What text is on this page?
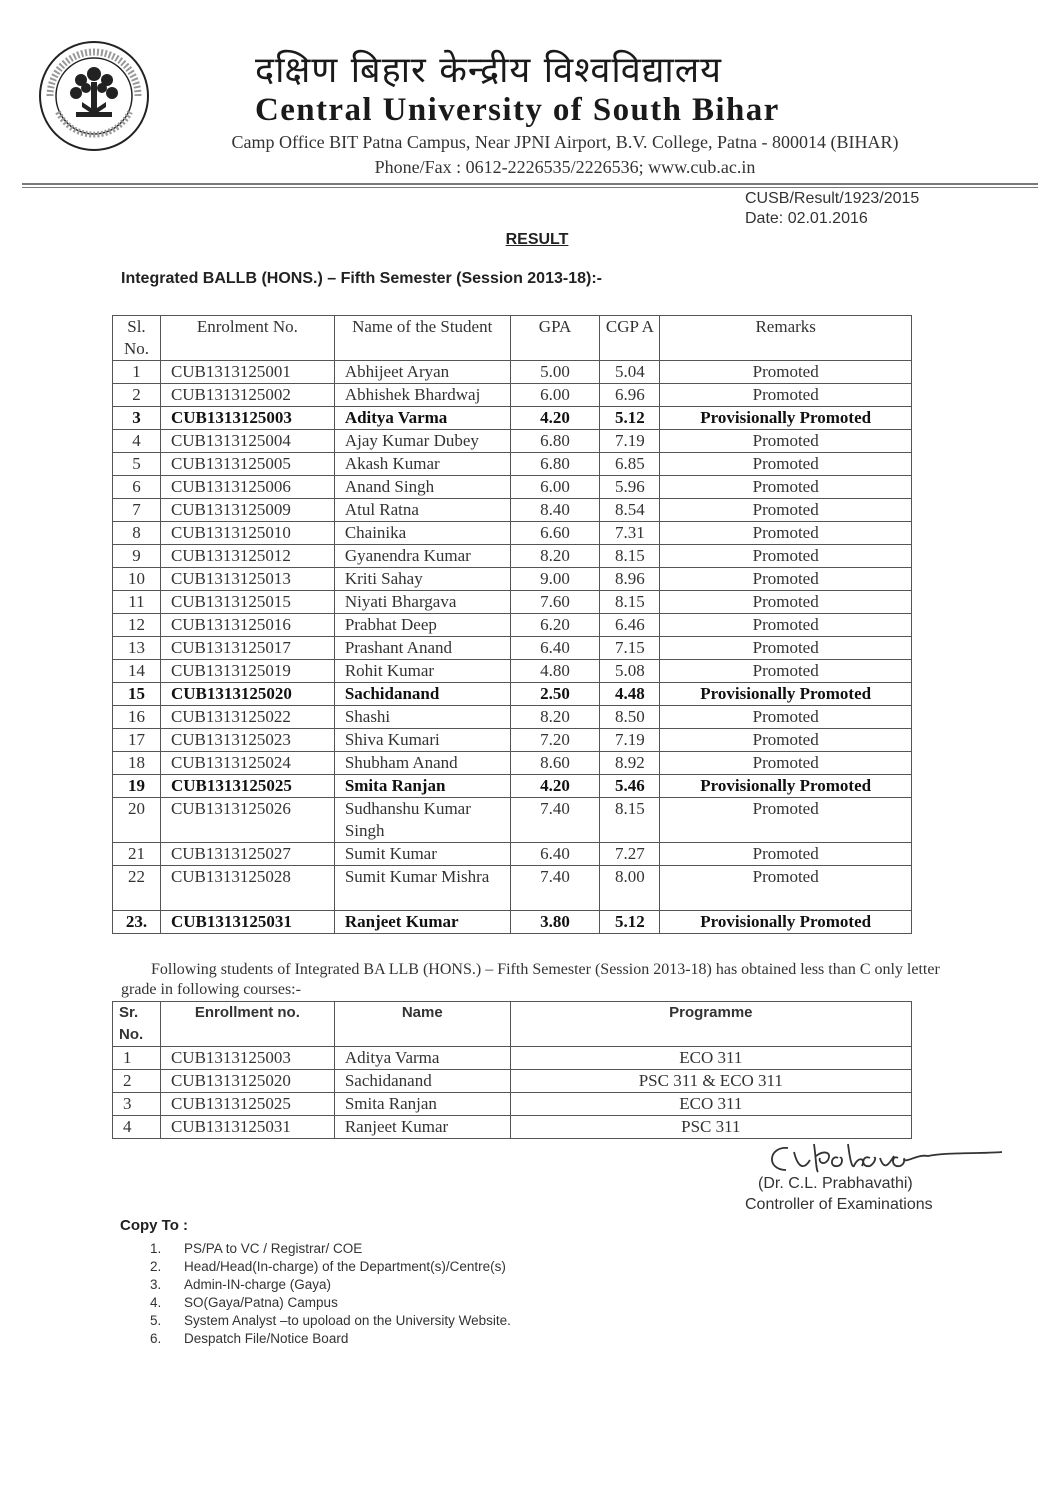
दक्षिण बिहार केन्द्रीय विश्वविद्यालय
Central University of South Bihar
Camp Office BIT Patna Campus, Near JPNI Airport, B.V. College, Patna - 800014 (BIHAR)
Phone/Fax : 0612-2226535/2226536; www.cub.ac.in
CUSB/Result/1923/2015
Date: 02.01.2016
RESULT
Integrated BALLB (HONS.) – Fifth Semester (Session 2013-18):-
Sl. No.	Enrolment No.	Name of the Student	GPA	CGP A	Remarks
1	CUB1313125001	Abhijeet Aryan	5.00	5.04	Promoted
2	CUB1313125002	Abhishek Bhardwaj	6.00	6.96	Promoted
3	CUB1313125003	Aditya Varma	4.20	5.12	Provisionally Promoted
4	CUB1313125004	Ajay Kumar Dubey	6.80	7.19	Promoted
5	CUB1313125005	Akash Kumar	6.80	6.85	Promoted
6	CUB1313125006	Anand Singh	6.00	5.96	Promoted
7	CUB1313125009	Atul Ratna	8.40	8.54	Promoted
8	CUB1313125010	Chainika	6.60	7.31	Promoted
9	CUB1313125012	Gyanendra Kumar	8.20	8.15	Promoted
10	CUB1313125013	Kriti Sahay	9.00	8.96	Promoted
11	CUB1313125015	Niyati Bhargava	7.60	8.15	Promoted
12	CUB1313125016	Prabhat Deep	6.20	6.46	Promoted
13	CUB1313125017	Prashant Anand	6.40	7.15	Promoted
14	CUB1313125019	Rohit Kumar	4.80	5.08	Promoted
15	CUB1313125020	Sachidanand	2.50	4.48	Provisionally Promoted
16	CUB1313125022	Shashi	8.20	8.50	Promoted
17	CUB1313125023	Shiva Kumari	7.20	7.19	Promoted
18	CUB1313125024	Shubham Anand	8.60	8.92	Promoted
19	CUB1313125025	Smita Ranjan	4.20	5.46	Provisionally Promoted
20	CUB1313125026	Sudhanshu Kumar Singh	7.40	8.15	Promoted
21	CUB1313125027	Sumit Kumar	6.40	7.27	Promoted
22	CUB1313125028	Sumit Kumar Mishra	7.40	8.00	Promoted
23.	CUB1313125031	Ranjeet Kumar	3.80	5.12	Provisionally Promoted
Following students of Integrated BA LLB (HONS.) – Fifth Semester (Session 2013-18) has obtained less than C only letter grade in following courses:-
Sr. No.	Enrollment no.	Name	Programme
1	CUB1313125003	Aditya Varma	ECO 311
2	CUB1313125020	Sachidanand	PSC 311 & ECO 311
3	CUB1313125025	Smita Ranjan	ECO 311
4	CUB1313125031	Ranjeet Kumar	PSC 311
(Dr. C.L. Prabhavathi)
Controller of Examinations
Copy To :
1. PS/PA to VC / Registrar/ COE
2. Head/Head(In-charge) of the Department(s)/Centre(s)
3. Admin-IN-charge (Gaya)
4. SO(Gaya/Patna) Campus
5. System Analyst –to upoload on the University Website.
6. Despatch File/Notice Board
